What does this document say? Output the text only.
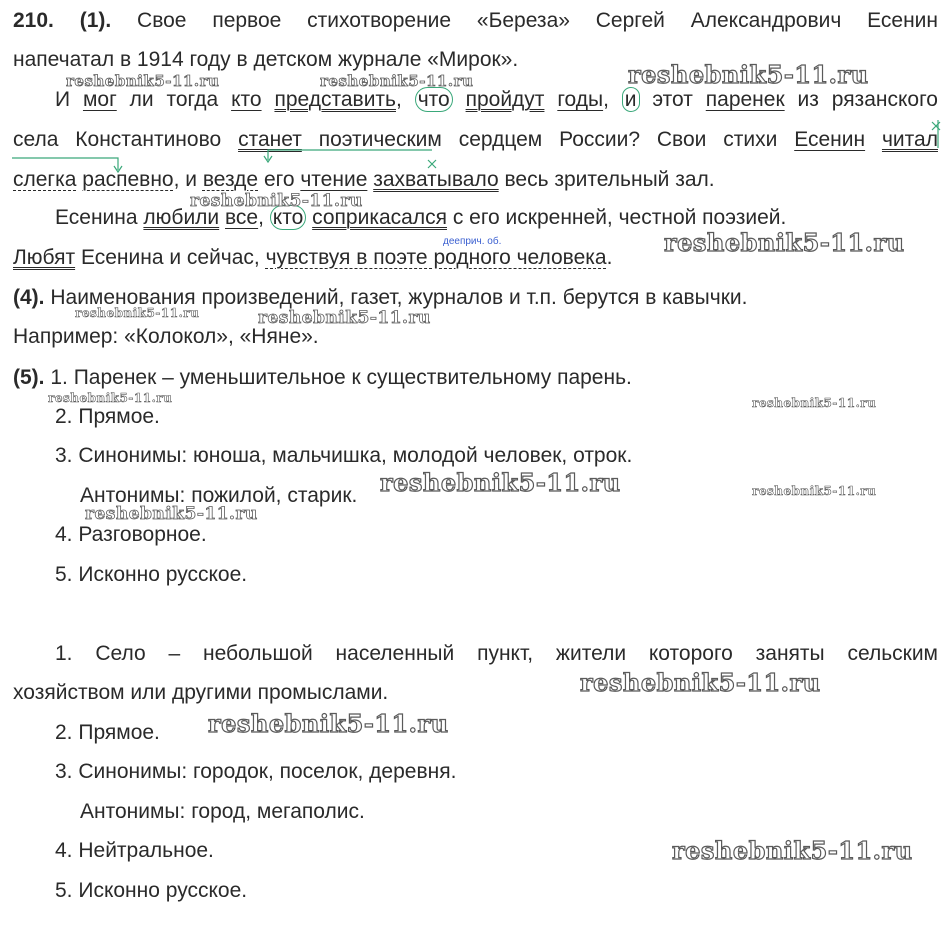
210. (1). Свое первое стихотворение «Береза» Сергей Александрович Есенин
напечатал в 1914 году в детском журнале «Мирок».
И мог ли тогда кто представить, что пройдут годы, и этот паренек из рязанского
села Константиново станет поэтическим сердцем России? Свои стихи Есенин читал
слегка распевно, и везде его чтение захватывало весь зрительный зал.
Есенина любили все, кто соприкасался с его искренней, честной поэзией.
дееприч. об.
Любят Есенина и сейчас, чувствуя в поэте родного человека.
(4). Наименования произведений, газет, журналов и т.п. берутся в кавычки.
Например: «Колокол», «Няне».
(5). 1. Паренек – уменьшительное к существительному парень.
2. Прямое.
3. Синонимы: юноша, мальчишка, молодой человек, отрок.
Антонимы: пожилой, старик.
4. Разговорное.
5. Исконно русское.
1. Село – небольшой населенный пункт, жители которого заняты сельским
хозяйством или другими промыслами.
2. Прямое.
3. Синонимы: городок, поселок, деревня.
Антонимы: город, мегаполис.
4. Нейтральное.
5. Исконно русское.
reshebnik5-11.ru	reshebnik5-11.ru	reshebnik5-11.ru
reshebnik5-11.ru
reshebnik5-11.ru
reshebnik5-11.ru	reshebnik5-11.ru
reshebnik5-11.ru	reshebnik5-11.ru
reshebnik5-11.ru	reshebnik5-11.ru
reshebnik5-11.ru
reshebnik5-11.ru
reshebnik5-11.ru
reshebnik5-11.ru
